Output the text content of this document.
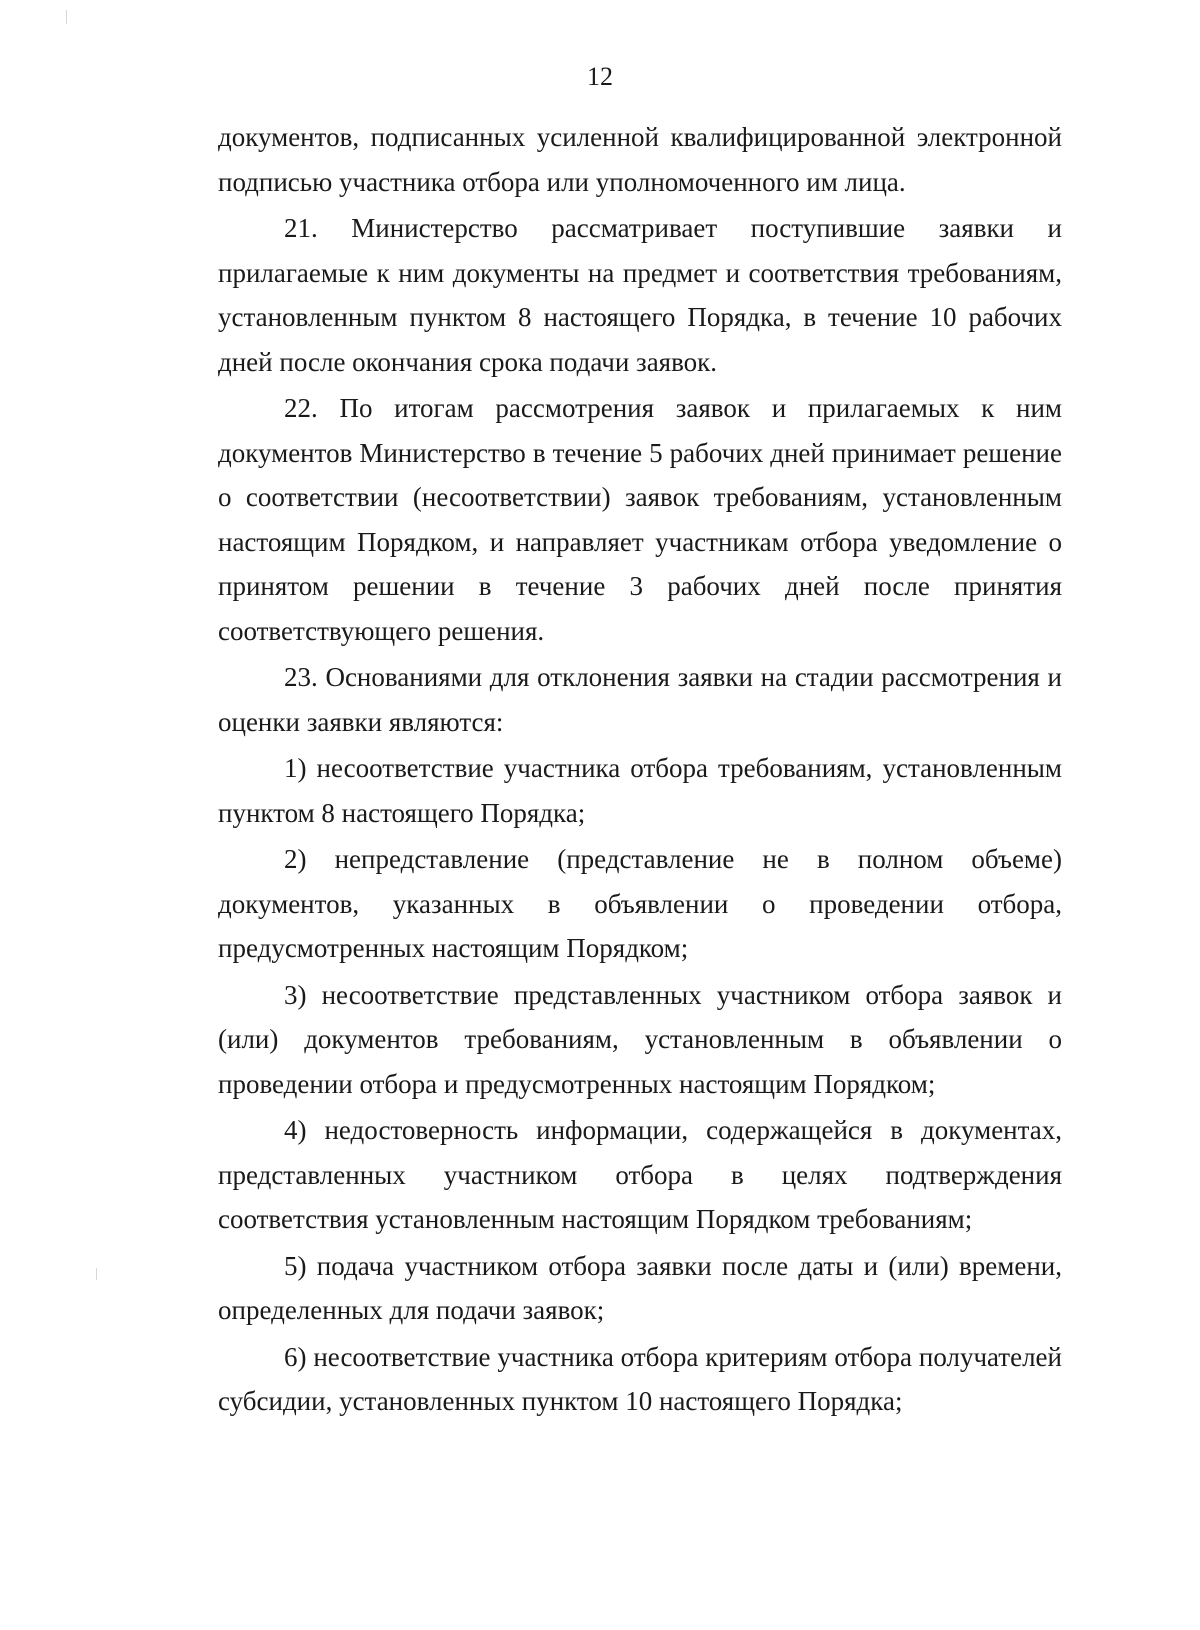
12

документов, подписанных усиленной квалифицированной электронной подписью участника отбора или уполномоченного им лица.

21. Министерство рассматривает поступившие заявки и прилагаемые к ним документы на предмет и соответствия требованиям, установленным пунктом 8 настоящего Порядка, в течение 10 рабочих дней после окончания срока подачи заявок.

22. По итогам рассмотрения заявок и прилагаемых к ним документов Министерство в течение 5 рабочих дней принимает решение о соответствии (несоответствии) заявок требованиям, установленным настоящим Порядком, и направляет участникам отбора уведомление о принятом решении в течение 3 рабочих дней после принятия соответствующего решения.

23. Основаниями для отклонения заявки на стадии рассмотрения и оценки заявки являются:

1) несоответствие участника отбора требованиям, установленным пунктом 8 настоящего Порядка;

2) непредставление (представление не в полном объеме) документов, указанных в объявлении о проведении отбора, предусмотренных настоящим Порядком;

3) несоответствие представленных участником отбора заявок и (или) документов требованиям, установленным в объявлении о проведении отбора и предусмотренных настоящим Порядком;

4) недостоверность информации, содержащейся в документах, представленных участником отбора в целях подтверждения соответствия установленным настоящим Порядком требованиям;

5) подача участником отбора заявки после даты и (или) времени, определенных для подачи заявок;

6) несоответствие участника отбора критериям отбора получателей субсидии, установленных пунктом 10 настоящего Порядка;
